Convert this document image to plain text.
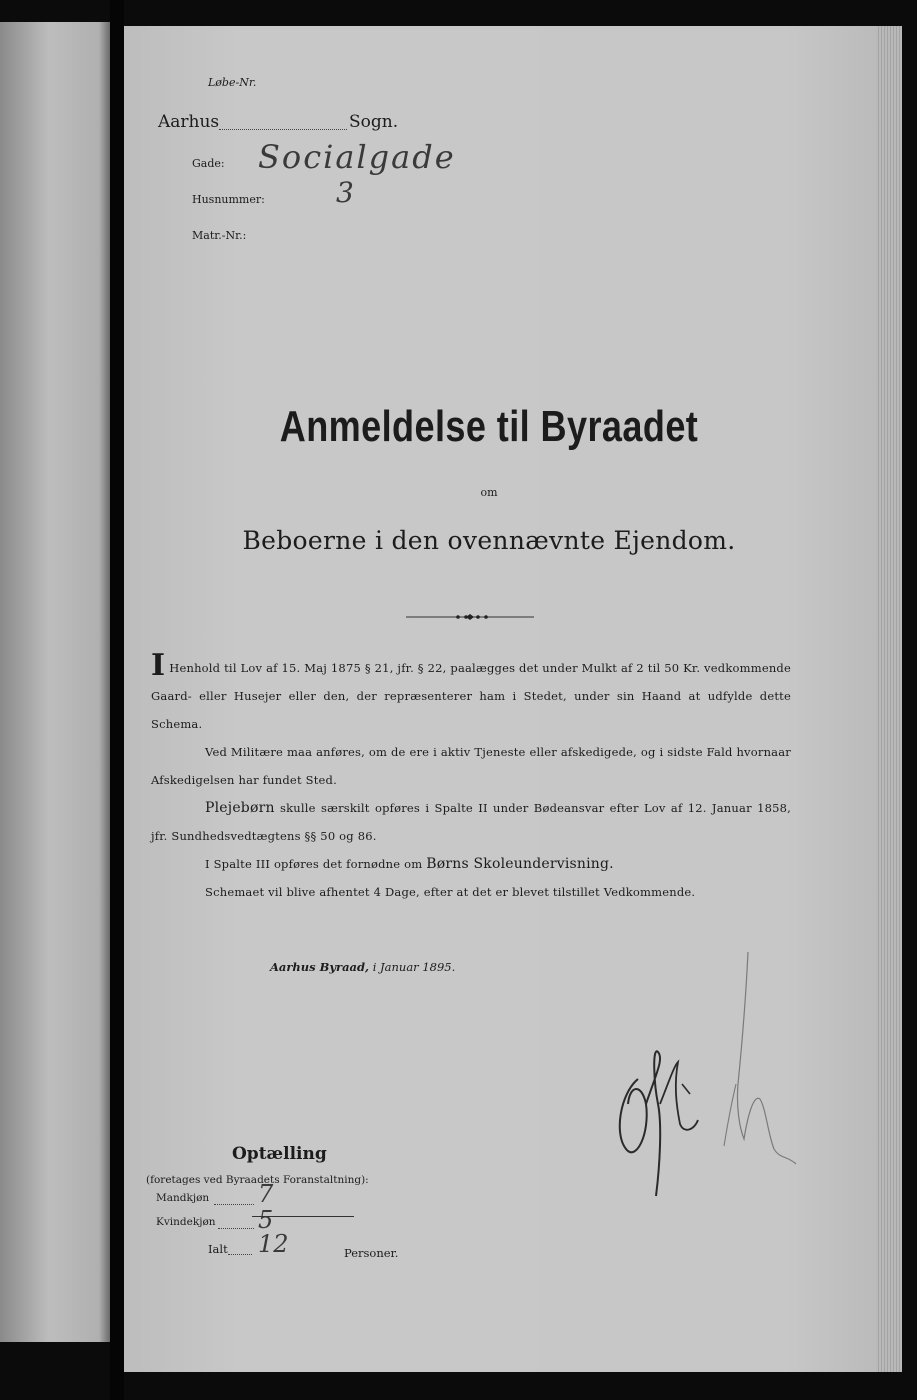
Løbe-Nr.
Aarhus	Sogn.
Gade: Socialgade
Husnummer:	3
Matr.-Nr.:
Anmeldelse til Byraadet
om
Beboerne i den ovennævnte Ejendom.

I Henhold til Lov af 15. Maj 1875 § 21, jfr. § 22, paalægges det under Mulkt af 2 til 50 Kr. vedkommende Gaard- eller Husejer eller den, der repræsenterer ham i Stedet, under sin Haand at udfylde dette Schema.

Ved Militære maa anføres, om de ere i aktiv Tjeneste eller afskedigede, og i sidste Fald hvornaar Afskedigelsen har fundet Sted.

Plejebørn skulle særskilt opføres i Spalte II under Bødeansvar efter Lov af 12. Januar 1858, jfr. Sundhedsvedtægtens §§ 50 og 86.

I Spalte III opføres det fornødne om Børns Skoleundervisning.

Schemaet vil blive afhentet 4 Dage, efter at det er blevet tilstillet Vedkommende.

Aarhus Byraad, i Januar 1895.
Optælling
(foretages ved Byraadets Foranstaltning):
Mandkjøn 7
Kvindekjøn 5
Ialt 12	Personer.
